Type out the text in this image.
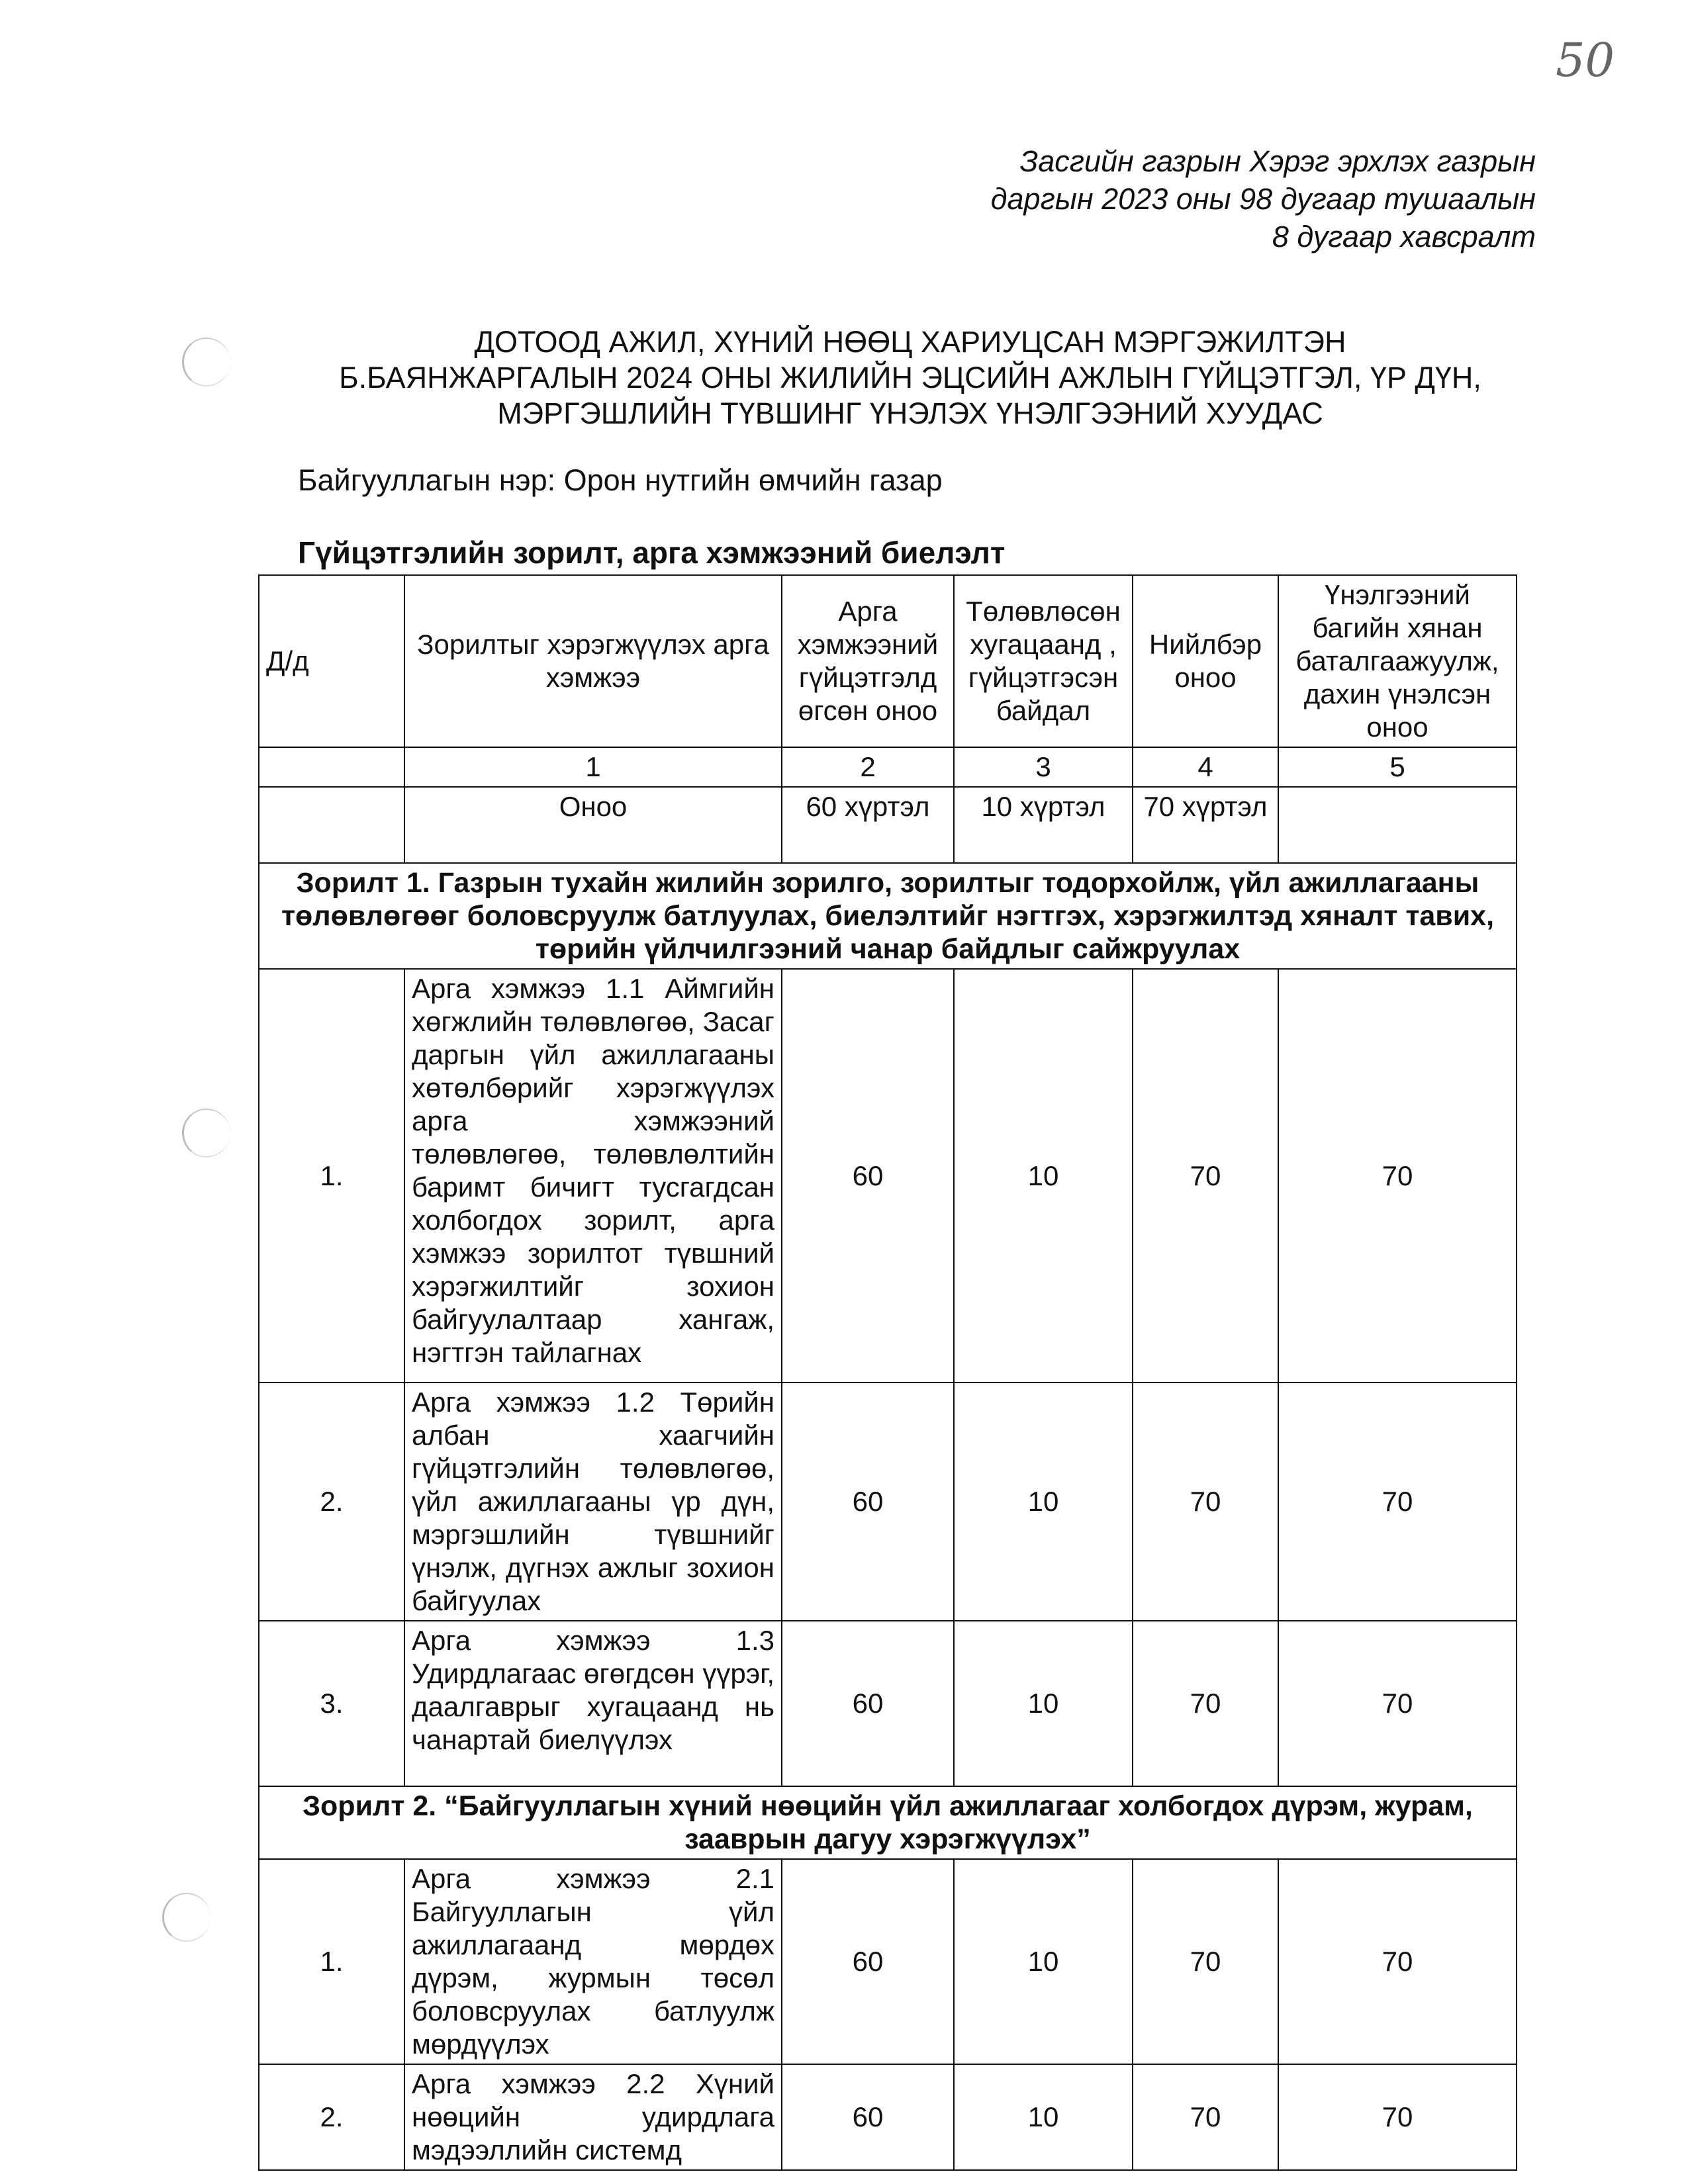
50
Засгийн газрын Хэрэг эрхлэх газрын
даргын 2023 оны 98 дугаар тушаалын
8 дугаар хавсралт
ДОТООД АЖИЛ, ХҮНИЙ НӨӨЦ ХАРИУЦСАН МЭРГЭЖИЛТЭН
Б.БАЯНЖАРГАЛЫН 2024 ОНЫ ЖИЛИЙН ЭЦСИЙН АЖЛЫН ГҮЙЦЭТГЭЛ, ҮР ДҮН,
МЭРГЭШЛИЙН ТҮВШИНГ ҮНЭЛЭХ ҮНЭЛГЭЭНИЙ ХУУДАС
Байгууллагын нэр: Орон нутгийн өмчийн газар
Гүйцэтгэлийн зорилт, арга хэмжээний биелэлт
Д/д	Зорилтыг хэрэгжүүлэх арга хэмжээ	Арга хэмжээний гүйцэтгэлд өгсөн оноо	Төлөвлөсөн хугацаанд , гүйцэтгэсэн байдал	Нийлбэр оноо	Үнэлгээний багийн хянан баталгаажуулж, дахин үнэлсэн оноо
	1	2	3	4	5
	Оноо	60 хүртэл	10 хүртэл	70 хүртэл	
Зорилт 1. Газрын тухайн жилийн зорилго, зорилтыг тодорхойлж, үйл ажиллагааны төлөвлөгөөг боловсруулж батлуулах, биелэлтийг нэгтгэх, хэрэгжилтэд хяналт тавих, төрийн үйлчилгээний чанар байдлыг сайжруулах					
1.	Арга хэмжээ 1.1 Аймгийн хөгжлийн төлөвлөгөө, Засаг даргын үйл ажиллагааны хөтөлбөрийг хэрэгжүүлэх арга хэмжээний төлөвлөгөө, төлөвлөлтийн баримт бичигт тусгагдсан холбогдох зорилт, арга хэмжээ зорилтот түвшний хэрэгжилтийг зохион байгуулалтаар хангаж, нэгтгэн тайлагнах	60	10	70	70
2.	Арга хэмжээ 1.2 Төрийн албан хаагчийн гүйцэтгэлийн төлөвлөгөө, үйл ажиллагааны үр дүн, мэргэшлийн түвшнийг үнэлж, дүгнэх ажлыг зохион байгуулах	60	10	70	70
3.	Арга хэмжээ 1.3 Удирдлагаас өгөгдсөн үүрэг, даалгаврыг хугацаанд нь чанартай биелүүлэх	60	10	70	70
Зорилт 2. “Байгууллагын хүний нөөцийн үйл ажиллагааг холбогдох дүрэм, журам, зааврын дагуу хэрэгжүүлэх”					
1.	Арга хэмжээ 2.1 Байгууллагын үйл ажиллагаанд мөрдөх дүрэм, журмын төсөл боловсруулах батлуулж мөрдүүлэх	60	10	70	70
2.	Арга хэмжээ 2.2 Хүний нөөцийн удирдлага мэдээллийн системд	60	10	70	70
